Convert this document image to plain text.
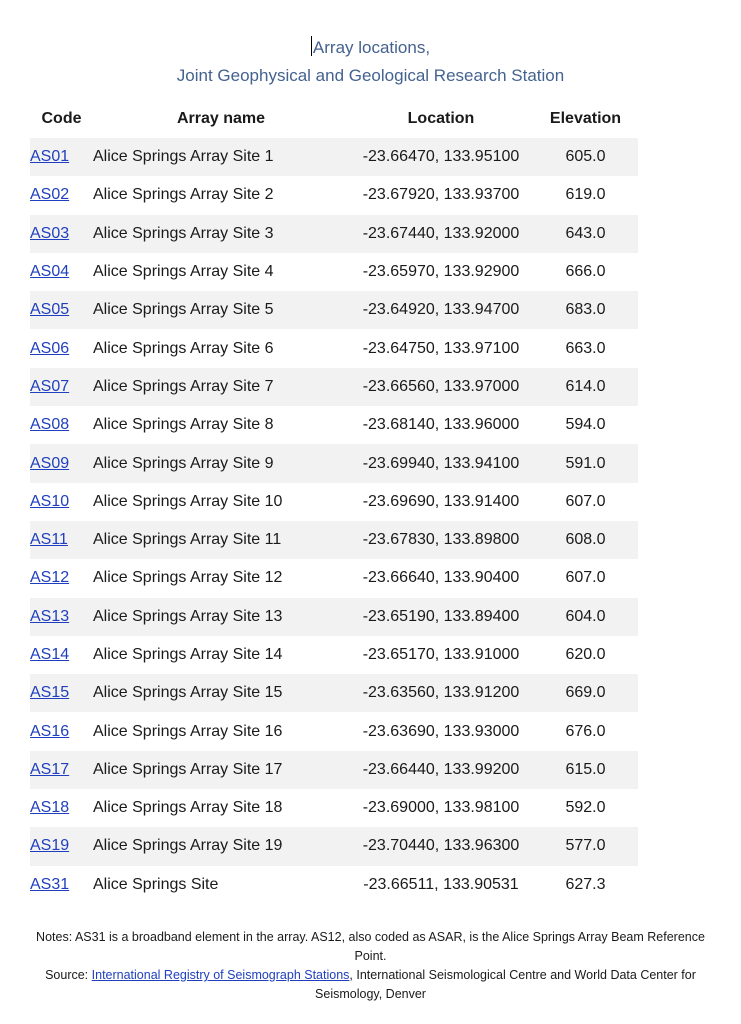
Array locations,
Joint Geophysical and Geological Research Station
Code	Array name	Location	Elevation
AS01	Alice Springs Array Site 1	-23.66470, 133.95100	605.0
AS02	Alice Springs Array Site 2	-23.67920, 133.93700	619.0
AS03	Alice Springs Array Site 3	-23.67440, 133.92000	643.0
AS04	Alice Springs Array Site 4	-23.65970, 133.92900	666.0
AS05	Alice Springs Array Site 5	-23.64920, 133.94700	683.0
AS06	Alice Springs Array Site 6	-23.64750, 133.97100	663.0
AS07	Alice Springs Array Site 7	-23.66560, 133.97000	614.0
AS08	Alice Springs Array Site 8	-23.68140, 133.96000	594.0
AS09	Alice Springs Array Site 9	-23.69940, 133.94100	591.0
AS10	Alice Springs Array Site 10	-23.69690, 133.91400	607.0
AS11	Alice Springs Array Site 11	-23.67830, 133.89800	608.0
AS12	Alice Springs Array Site 12	-23.66640, 133.90400	607.0
AS13	Alice Springs Array Site 13	-23.65190, 133.89400	604.0
AS14	Alice Springs Array Site 14	-23.65170, 133.91000	620.0
AS15	Alice Springs Array Site 15	-23.63560, 133.91200	669.0
AS16	Alice Springs Array Site 16	-23.63690, 133.93000	676.0
AS17	Alice Springs Array Site 17	-23.66440, 133.99200	615.0
AS18	Alice Springs Array Site 18	-23.69000, 133.98100	592.0
AS19	Alice Springs Array Site 19	-23.70440, 133.96300	577.0
AS31	Alice Springs Site	-23.66511, 133.90531	627.3

Notes: AS31 is a broadband element in the array. AS12, also coded as ASAR, is the Alice Springs Array Beam Reference Point.

Source: International Registry of Seismograph Stations, International Seismological Centre and World Data Center for Seismology, Denver
